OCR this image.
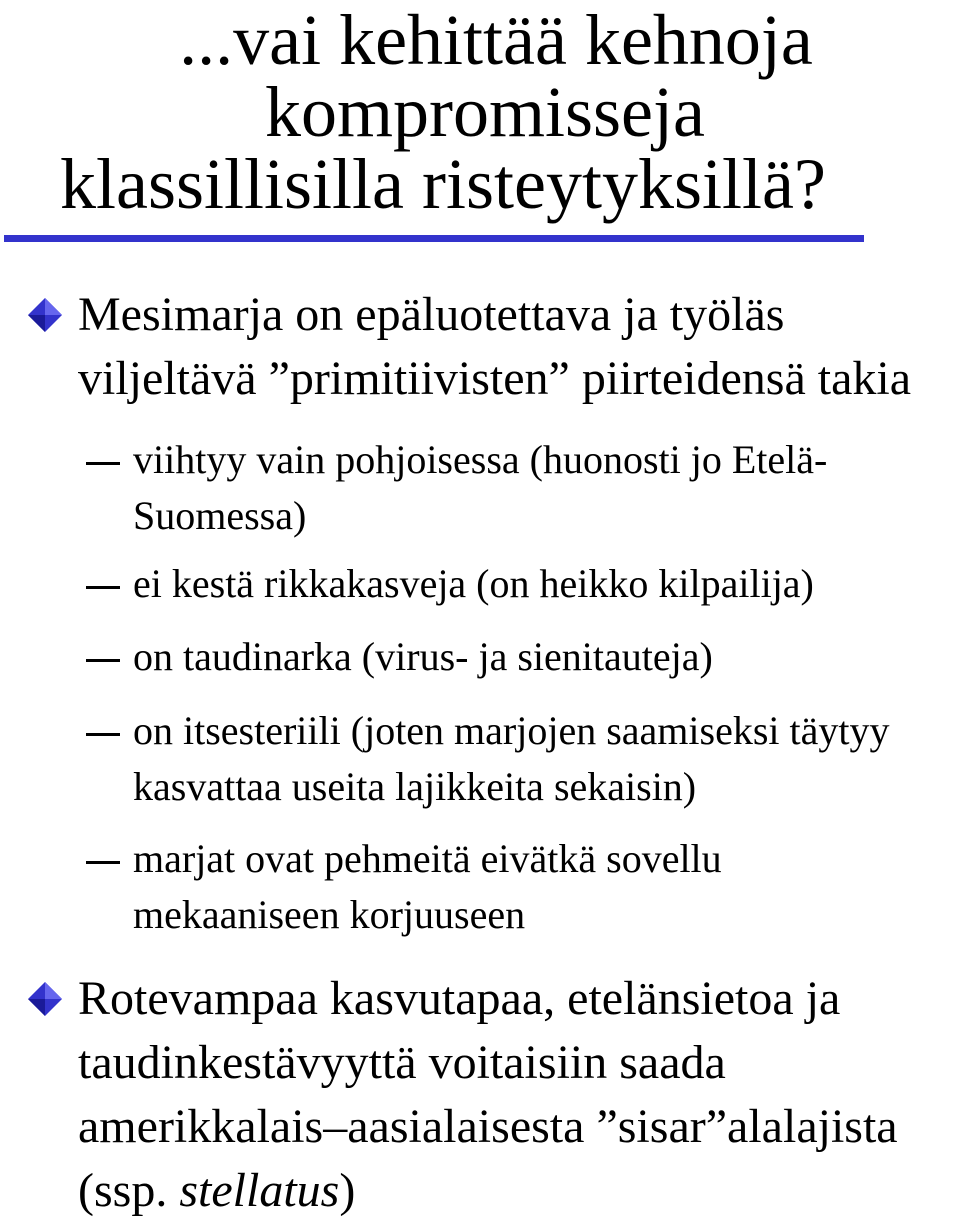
...vai kehittää kehnoja
kompromisseja
klassillisilla risteytyksillä?
Mesimarja on epäluotettava ja työläs
viljeltävä ”primitiivisten” piirteidensä takia
viihtyy vain pohjoisessa (huonosti jo Etelä-
Suomessa)
ei kestä rikkakasveja (on heikko kilpailija)
on taudinarka (virus- ja sienitauteja)
on itsesteriili (joten marjojen saamiseksi täytyy
kasvattaa useita lajikkeita sekaisin)
marjat ovat pehmeitä eivätkä sovellu
mekaaniseen korjuuseen
Rotevampaa kasvutapaa, etelänsietoa ja
taudinkestävyyttä voitaisiin saada
amerikkalais–aasialaisesta ”sisar”alalajista
(ssp. stellatus)
